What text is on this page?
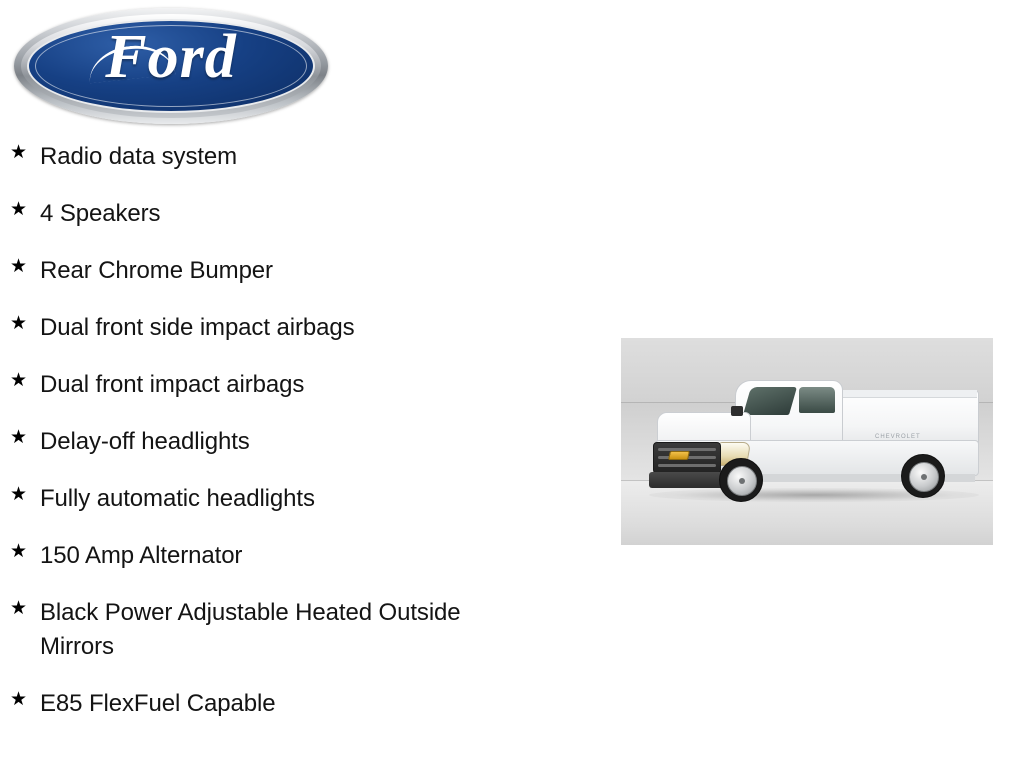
Ford
★ Radio data system
★ 4 Speakers
★ Rear Chrome Bumper
★ Dual front side impact airbags
★ Dual front impact airbags
★ Delay-off headlights
★ Fully automatic headlights
★ 150 Amp Alternator
★ Black Power Adjustable Heated Outside Mirrors
★ E85 FlexFuel Capable
CHEVROLET
